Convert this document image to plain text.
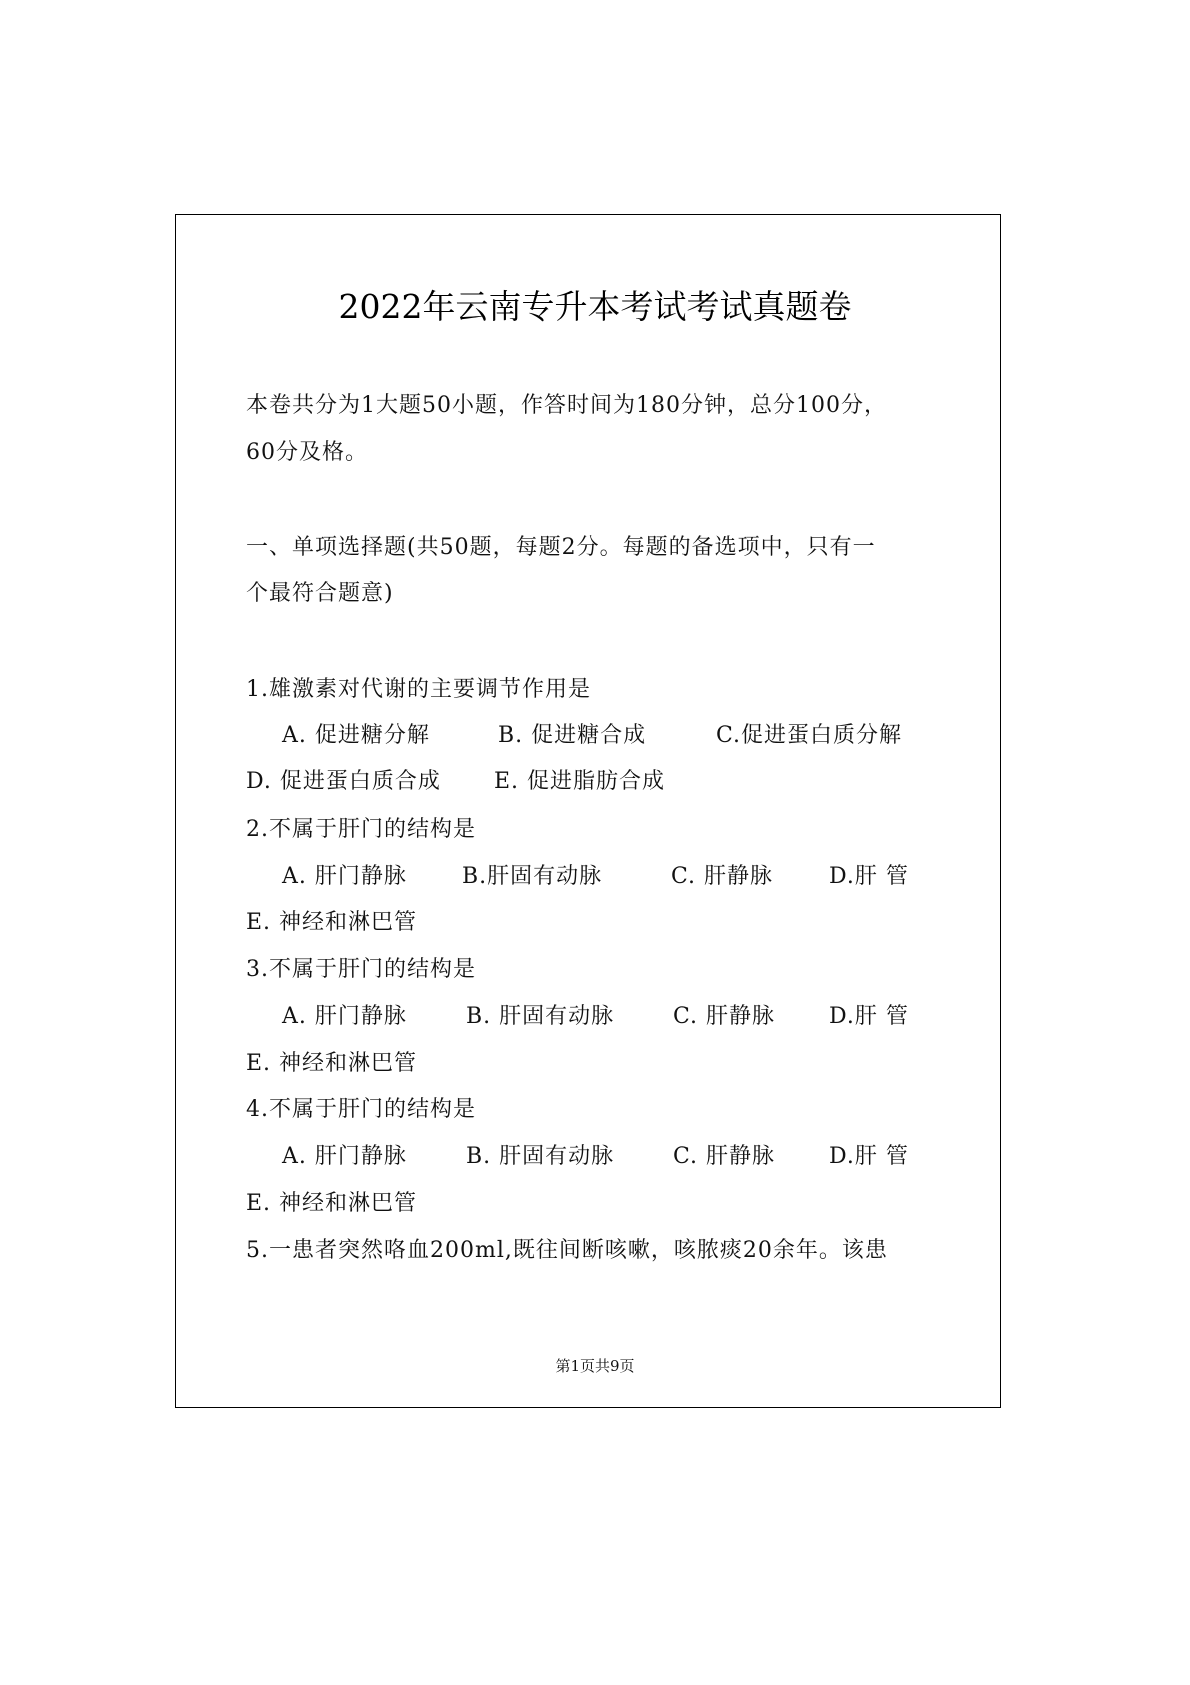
2022年云南专升本考试考试真题卷
本卷共分为1大题50小题，作答时间为180分钟，总分100分，
60分及格。
一、单项选择题(共50题，每题2分。每题的备选项中，只有一
个最符合题意)
1.雄激素对代谢的主要调节作用是
A. 促进糖分解	B. 促进糖合成	C.促进蛋白质分解
D. 促进蛋白质合成 E. 促进脂肪合成
2.不属于肝门的结构是
A. 肝门静脉	B.肝固有动脉	C. 肝静脉	D.肝 管
E. 神经和淋巴管
3.不属于肝门的结构是
A. 肝门静脉	B. 肝固有动脉	C. 肝静脉 D.肝 管
E. 神经和淋巴管
4.不属于肝门的结构是
A. 肝门静脉	B. 肝固有动脉	C. 肝静脉 D.肝 管
E. 神经和淋巴管
5.一患者突然咯血200ml,既往间断咳嗽，咳脓痰20余年。该患
第1页共9页
